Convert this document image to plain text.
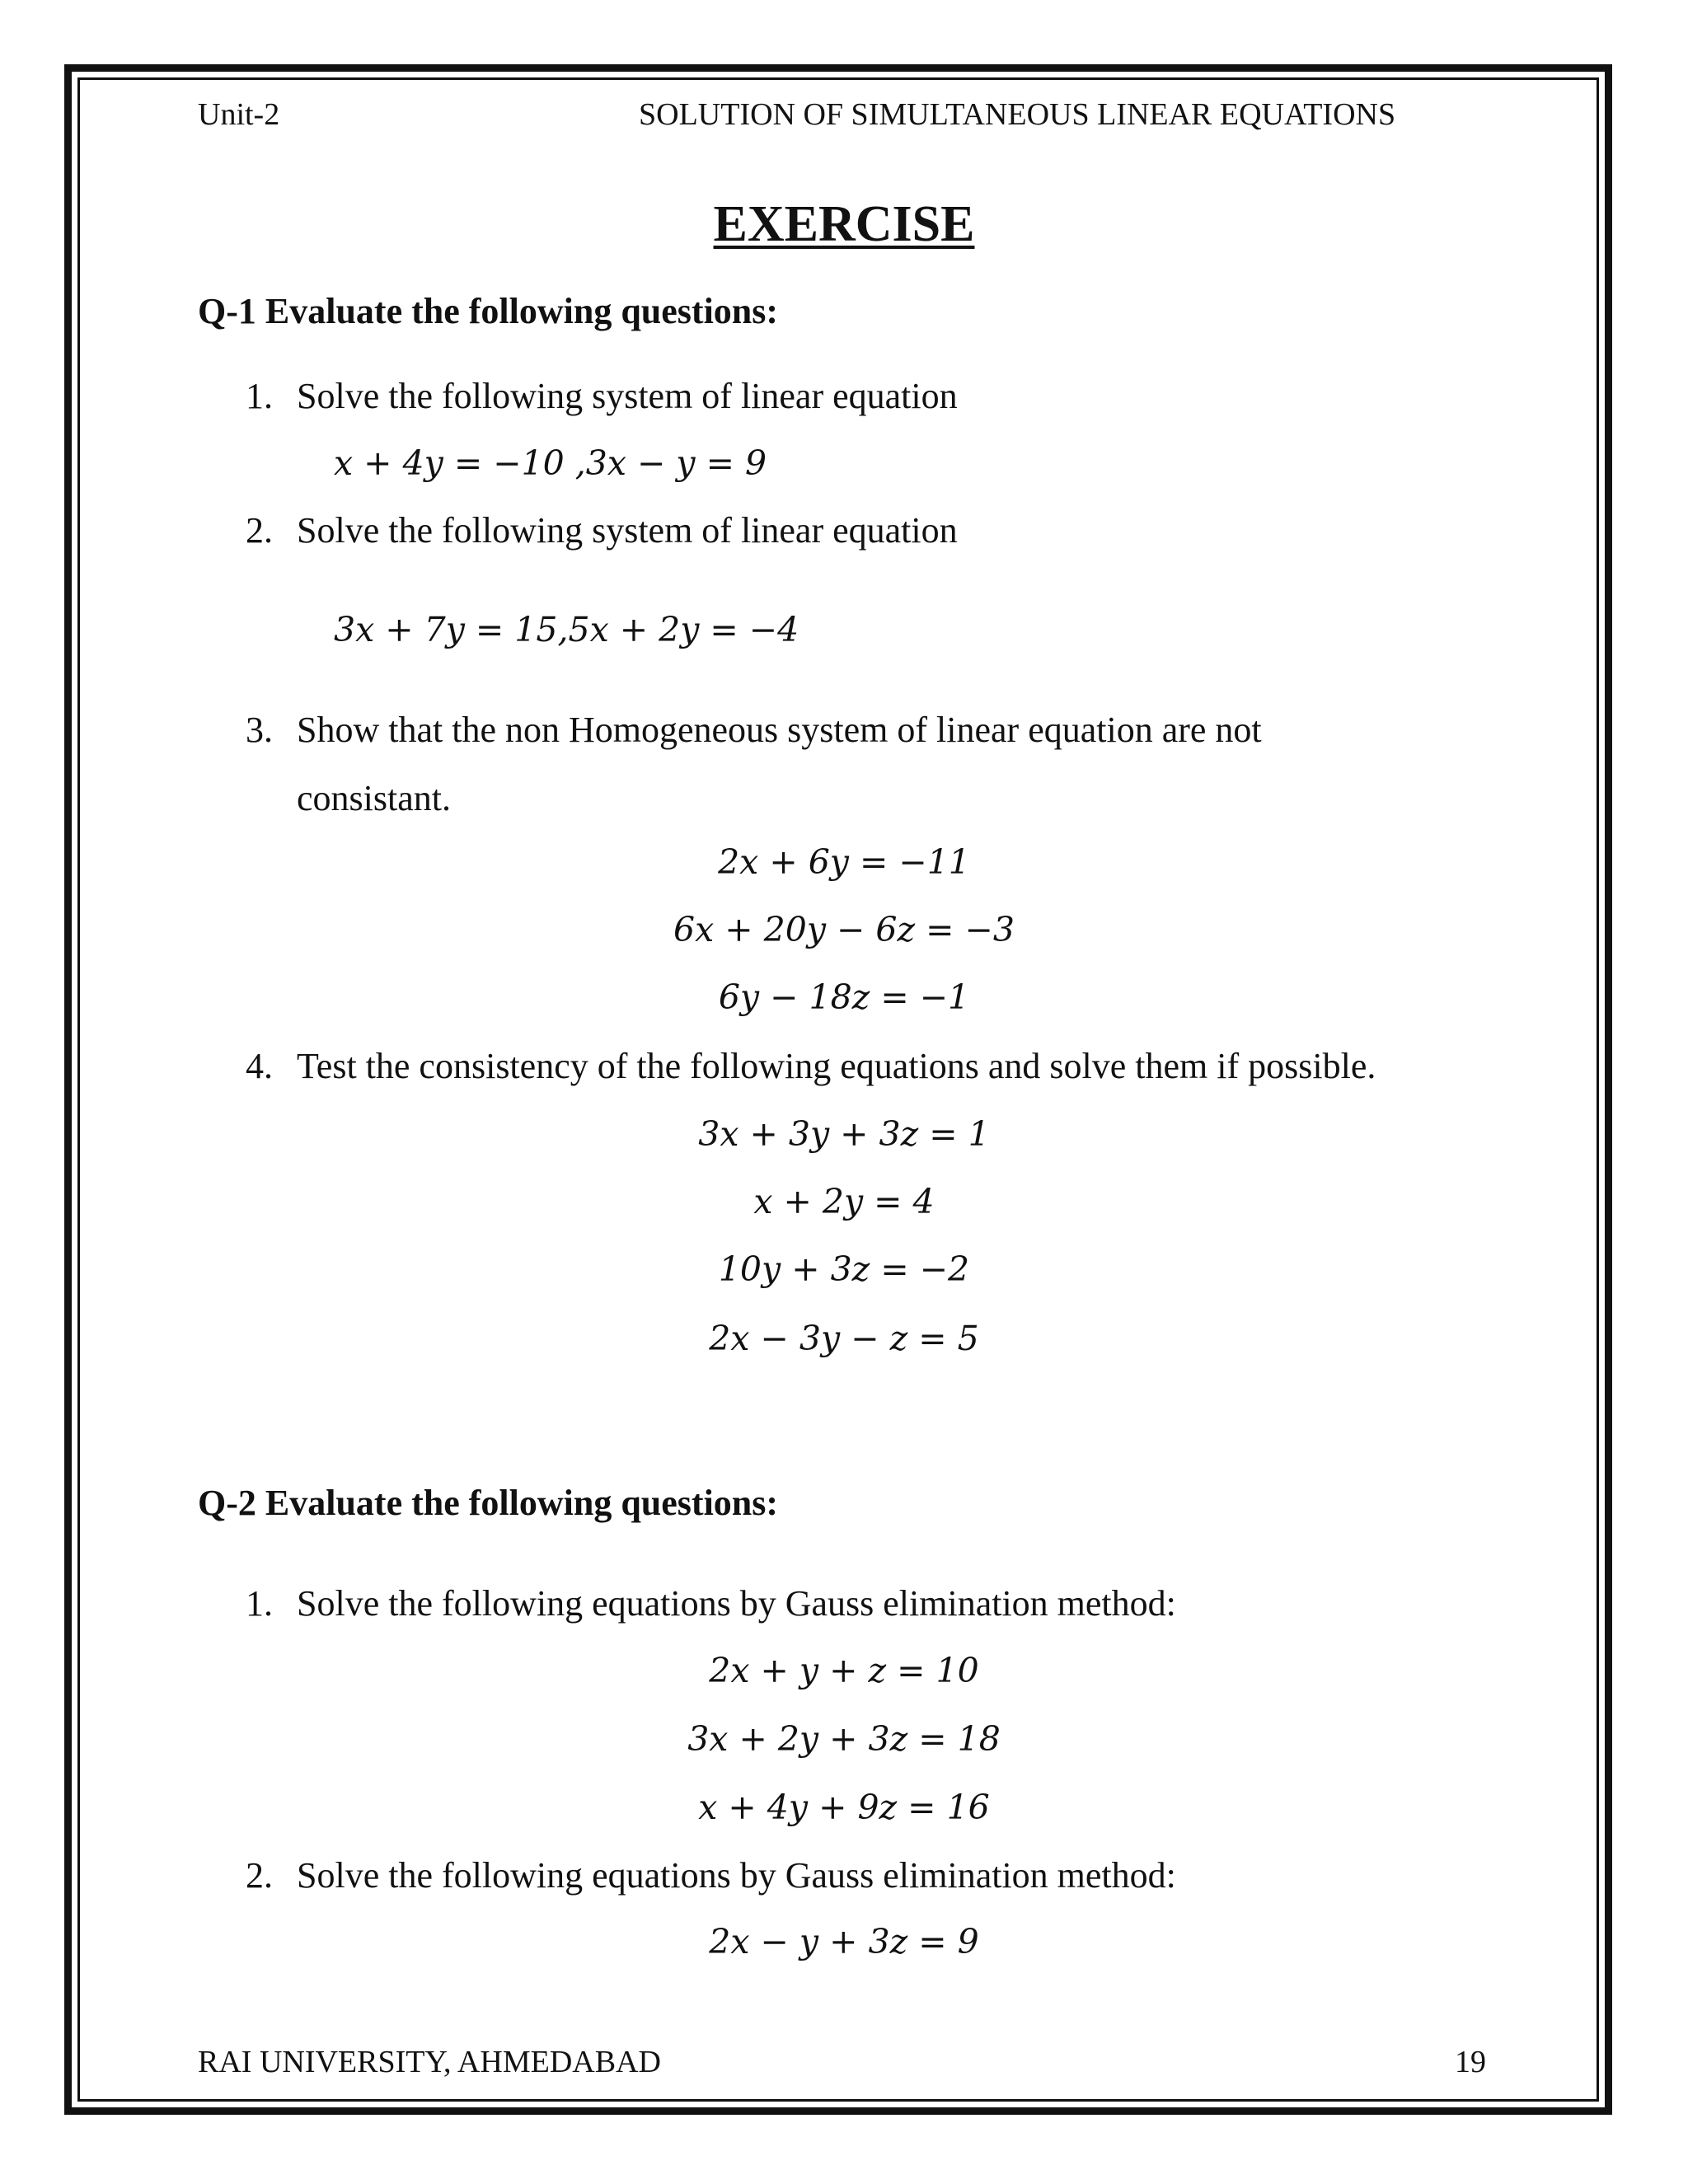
Unit-2	SOLUTION OF SIMULTANEOUS LINEAR EQUATIONS
EXERCISE
Q-1 Evaluate the following questions:
1. Solve the following system of linear equation
x + 4y = −10 ,3x − y = 9
2. Solve the following system of linear equation
3x + 7y = 15,5x + 2y = −4
3. Show that the non Homogeneous system of linear equation are not
consistant.
2x + 6y = −11
6x + 20y − 6z = −3
6y − 18z = −1
4. Test the consistency of the following equations and solve them if possible.
3x + 3y + 3z = 1
x + 2y = 4
10y + 3z = −2
2x − 3y − z = 5
Q-2 Evaluate the following questions:
1. Solve the following equations by Gauss elimination method:
2x + y + z = 10
3x + 2y + 3z = 18
x + 4y + 9z = 16
2. Solve the following equations by Gauss elimination method:
2x − y + 3z = 9
RAI UNIVERSITY, AHMEDABAD	19
